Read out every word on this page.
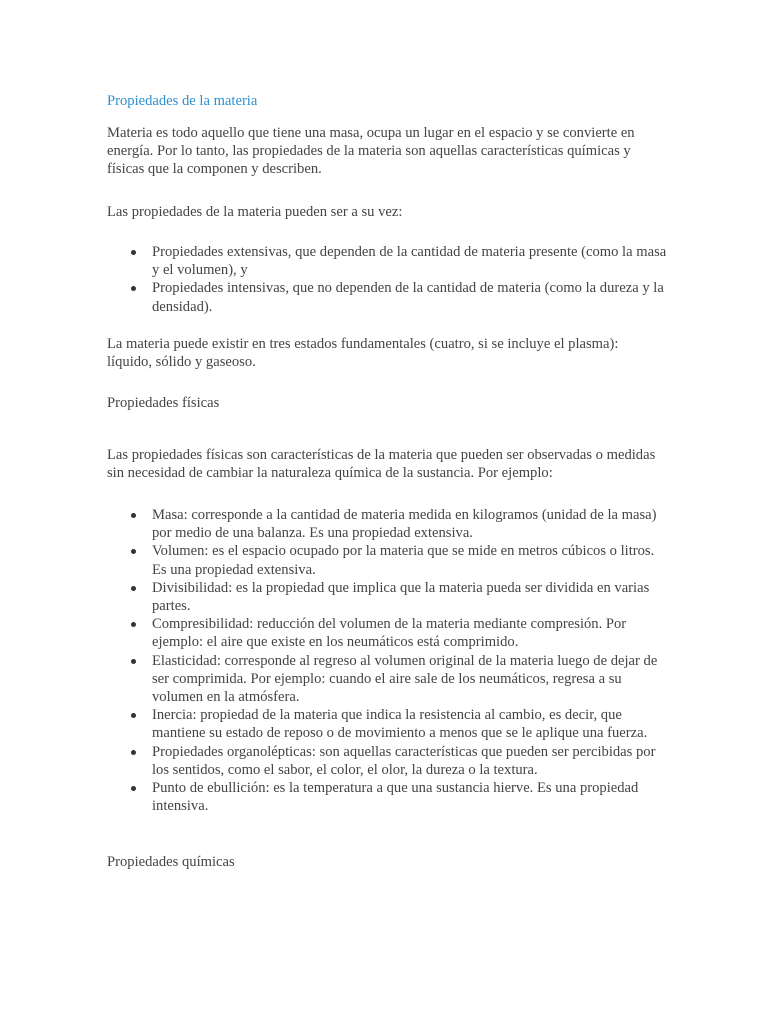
Propiedades de la materia

Materia es todo aquello que tiene una masa, ocupa un lugar en el espacio y se convierte en energía. Por lo tanto, las propiedades de la materia son aquellas características químicas y físicas que la componen y describen.

Las propiedades de la materia pueden ser a su vez:

Propiedades extensivas, que dependen de la cantidad de materia presente (como la masa y el volumen), y
Propiedades intensivas, que no dependen de la cantidad de materia (como la dureza y la densidad).

La materia puede existir en tres estados fundamentales (cuatro, si se incluye el plasma): líquido, sólido y gaseoso.

Propiedades físicas

Las propiedades físicas son características de la materia que pueden ser observadas o medidas sin necesidad de cambiar la naturaleza química de la sustancia. Por ejemplo:

Masa: corresponde a la cantidad de materia medida en kilogramos (unidad de la masa) por medio de una balanza. Es una propiedad extensiva.
Volumen: es el espacio ocupado por la materia que se mide en metros cúbicos o litros. Es una propiedad extensiva.
Divisibilidad: es la propiedad que implica que la materia pueda ser dividida en varias partes.
Compresibilidad: reducción del volumen de la materia mediante compresión. Por ejemplo: el aire que existe en los neumáticos está comprimido.
Elasticidad: corresponde al regreso al volumen original de la materia luego de dejar de ser comprimida. Por ejemplo: cuando el aire sale de los neumáticos, regresa a su volumen en la atmósfera.
Inercia: propiedad de la materia que indica la resistencia al cambio, es decir, que mantiene su estado de reposo o de movimiento a menos que se le aplique una fuerza.
Propiedades organolépticas: son aquellas características que pueden ser percibidas por los sentidos, como el sabor, el color, el olor, la dureza o la textura.
Punto de ebullición: es la temperatura a que una sustancia hierve. Es una propiedad intensiva.
Propiedades químicas
